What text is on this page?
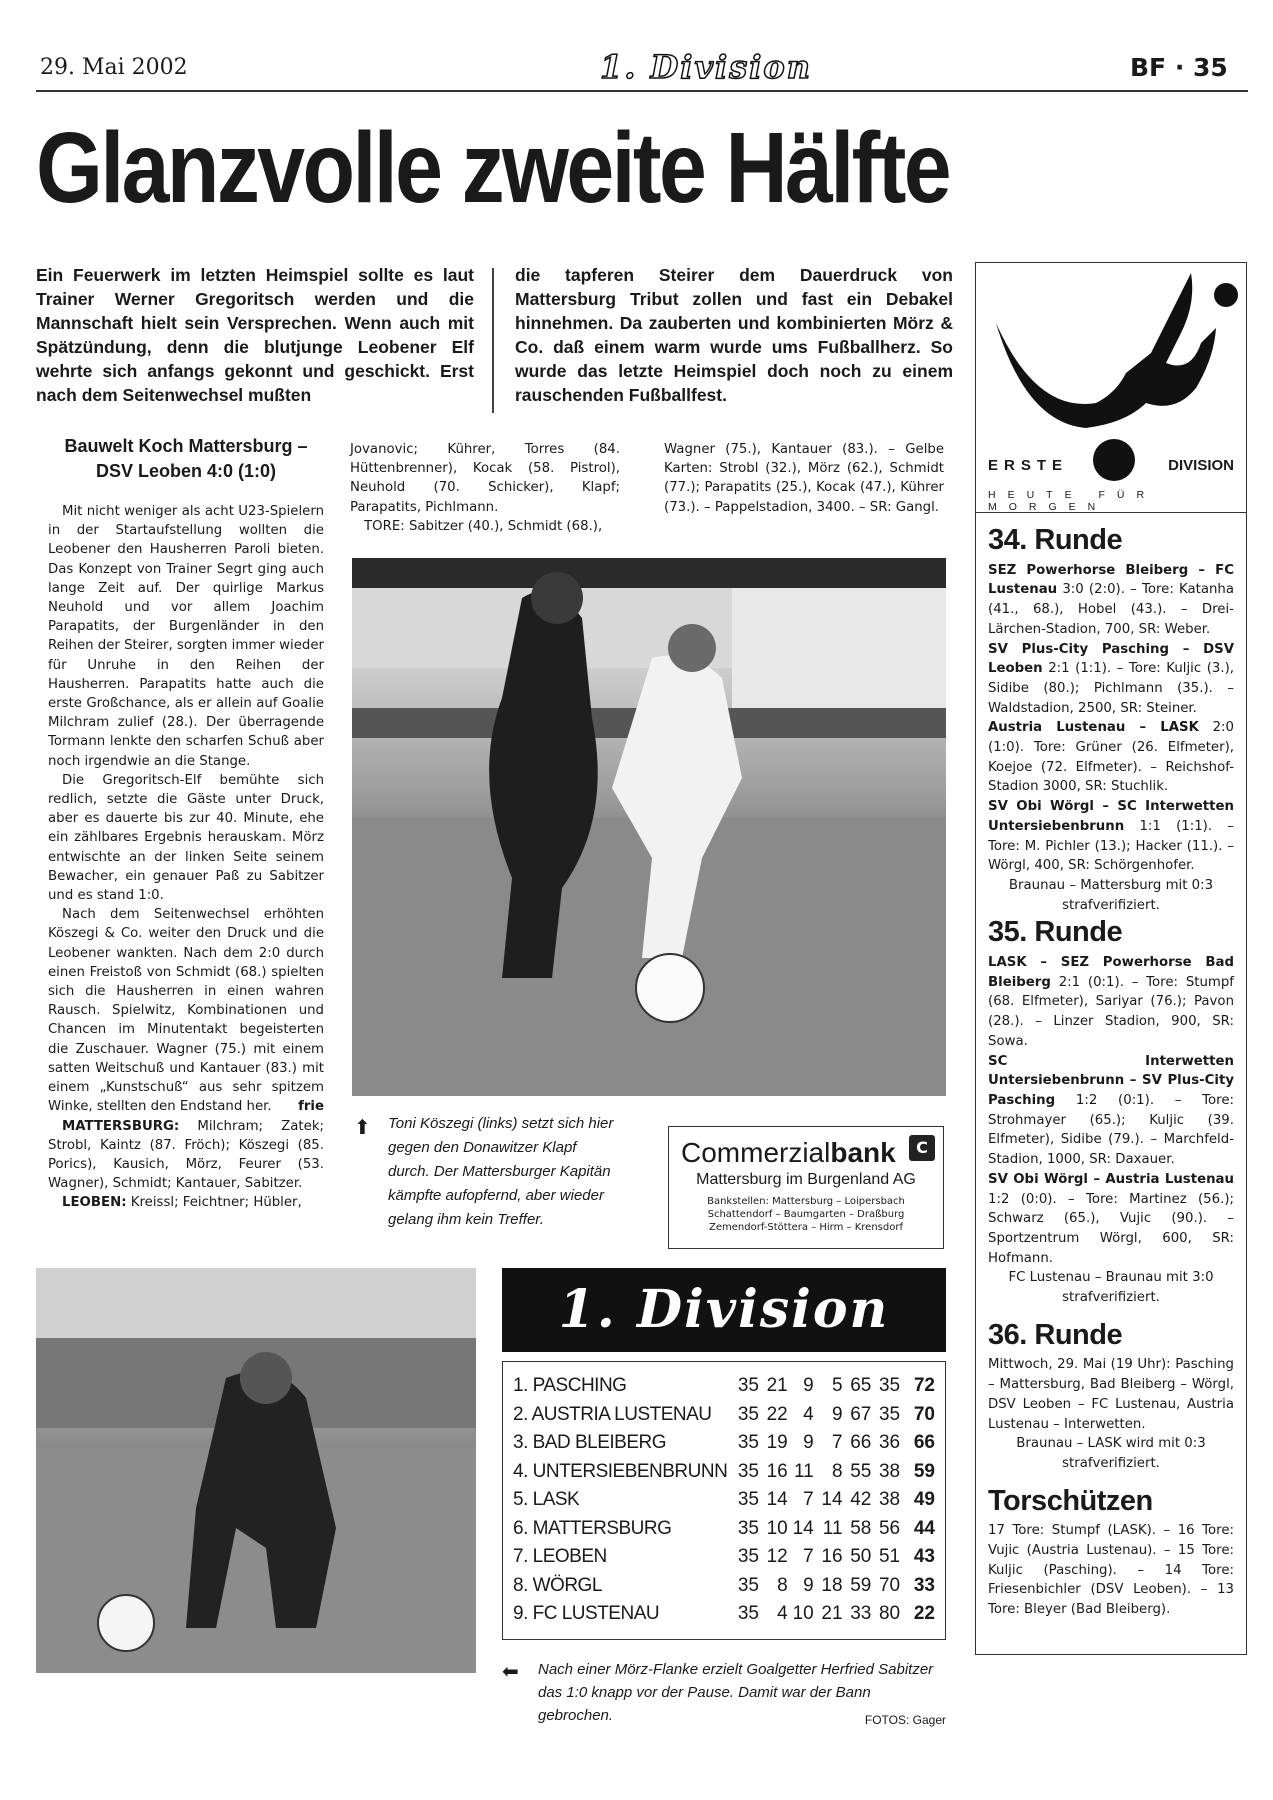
29. Mai 2002	1. Division	BF · 35
Glanzvolle zweite Hälfte
Ein Feuerwerk im letzten Heimspiel sollte es laut Trainer Werner Gregoritsch werden und die Mannschaft hielt sein Versprechen. Wenn auch mit Spätzündung, denn die blutjunge Leobener Elf wehrte sich anfangs gekonnt und geschickt. Erst nach dem Seitenwechsel mußten
die tapferen Steirer dem Dauerdruck von Mattersburg Tribut zollen und fast ein Debakel hinnehmen. Da zauberten und kombinierten Mörz & Co. daß einem warm wurde ums Fußballherz. So wurde das letzte Heimspiel doch noch zu einem rauschenden Fußballfest.
Bauwelt Koch Mattersburg –
DSV Leoben 4:0 (1:0)

Mit nicht weniger als acht U23-Spielern in der Startaufstellung wollten die Leobener den Hausherren Paroli bieten. Das Konzept von Trainer Segrt ging auch lange Zeit auf. Der quirlige Markus Neuhold und vor allem Joachim Parapatits, der Burgenländer in den Reihen der Steirer, sorgten immer wieder für Unruhe in den Reihen der Hausherren. Parapatits hatte auch die erste Großchance, als er allein auf Goalie Milchram zulief (28.). Der überragende Tormann lenkte den scharfen Schuß aber noch irgendwie an die Stange.

Die Gregoritsch-Elf bemühte sich redlich, setzte die Gäste unter Druck, aber es dauerte bis zur 40. Minute, ehe ein zählbares Ergebnis herauskam. Mörz entwischte an der linken Seite seinem Bewacher, ein genauer Paß zu Sabitzer und es stand 1:0.

Nach dem Seitenwechsel erhöhten Köszegi & Co. weiter den Druck und die Leobener wankten. Nach dem 2:0 durch einen Freistoß von Schmidt (68.) spielten sich die Hausherren in einen wahren Rausch. Spielwitz, Kombinationen und Chancen im Minutentakt begeisterten die Zuschauer. Wagner (75.) mit einem satten Weitschuß und Kantauer (83.) mit einem „Kunstschuß“ aus sehr spitzem Winke, stellten den Endstand her.	frie

MATTERSBURG: Milchram; Zatek; Strobl, Kaintz (87. Fröch); Köszegi (85. Porics), Kausich, Mörz, Feurer (53. Wagner), Schmidt; Kantauer, Sabitzer.

LEOBEN: Kreissl; Feichtner; Hübler,

Jovanovic; Kührer, Torres (84. Hüttenbrenner), Kocak (58. Pistrol), Neuhold (70. Schicker), Klapf; Parapatits, Pichlmann.

TORE: Sabitzer (40.), Schmidt (68.),

Wagner (75.), Kantauer (83.). – Gelbe Karten: Strobl (32.), Mörz (62.), Schmidt (77.); Parapatits (25.), Kocak (47.), Kührer (73.). – Pappelstadion, 3400. – SR: Gangl.

⬆ Toni Köszegi (links) setzt sich hier gegen den Donawitzer Klapf durch. Der Mattersburger Kapitän kämpfte aufopfernd, aber wieder gelang ihm kein Treffer.
Commerzialbank
Mattersburg im Burgenland AG
Bankstellen: Mattersburg – Loipersbach Schattendorf – Baumgarten – Draßburg Zemendorf-Stöttera – Hirm – Krensdorf
C
ERSTE	DIVISION
HEUTE FÜR MORGEN
34. Runde

SEZ Powerhorse Bleiberg – FC Lustenau 3:0 (2:0). – Tore: Katanha (41., 68.), Hobel (43.). – Drei-Lärchen-Stadion, 700, SR: Weber.

SV Plus-City Pasching – DSV Leoben 2:1 (1:1). – Tore: Kuljic (3.), Sidibe (80.); Pichlmann (35.). – Waldstadion, 2500, SR: Steiner.

Austria Lustenau – LASK 2:0 (1:0). Tore: Grüner (26. Elfmeter), Koejoe (72. Elfmeter). – Reichshof-Stadion 3000, SR: Stuchlik.

SV Obi Wörgl – SC Interwetten Untersiebenbrunn 1:1 (1:1). – Tore: M. Pichler (13.); Hacker (11.). – Wörgl, 400, SR: Schörgenhofer.

Braunau – Mattersburg mit 0:3 strafverifiziert.

35. Runde

LASK – SEZ Powerhorse Bad Bleiberg 2:1 (0:1). – Tore: Stumpf (68. Elfmeter), Sariyar (76.); Pavon (28.). – Linzer Stadion, 900, SR: Sowa.

SC Interwetten Untersiebenbrunn – SV Plus-City Pasching 1:2 (0:1). – Tore: Strohmayer (65.); Kuljic (39. Elfmeter), Sidibe (79.). – Marchfeld-Stadion, 1000, SR: Daxauer.

SV Obi Wörgl – Austria Lustenau 1:2 (0:0). – Tore: Martinez (56.); Schwarz (65.), Vujic (90.). – Sportzentrum Wörgl, 600, SR: Hofmann.

FC Lustenau – Braunau mit 3:0 strafverifiziert.

36. Runde

Mittwoch, 29. Mai (19 Uhr): Pasching – Mattersburg, Bad Bleiberg – Wörgl, DSV Leoben – FC Lustenau, Austria Lustenau – Interwetten.

Braunau – LASK wird mit 0:3 strafverifiziert.

Torschützen

17 Tore: Stumpf (LASK). – 16 Tore: Vujic (Austria Lustenau). – 15 Tore: Kuljic (Pasching). – 14 Tore: Friesenbichler (DSV Leoben). – 13 Tore: Bleyer (Bad Bleiberg).

1. Division
1. PASCHING	35	21	9	5	65	35	72
2. AUSTRIA LUSTENAU	35	22	4	9	67	35	70
3. BAD BLEIBERG	35	19	9	7	66	36	66
4. UNTERSIEBENBRUNN	35	16	11	8	55	38	59
5. LASK	35	14	7	14	42	38	49
6. MATTERSBURG	35	10	14	11	58	56	44
7. LEOBEN	35	12	7	16	50	51	43
8. WÖRGL	35	8	9	18	59	70	33
9. FC LUSTENAU	35	4	10	21	33	80	22
⬅ Nach einer Mörz-Flanke erzielt Goalgetter Herfried Sabitzer das 1:0 knapp vor der Pause. Damit war der Bann gebrochen.	FOTOS: Gager
